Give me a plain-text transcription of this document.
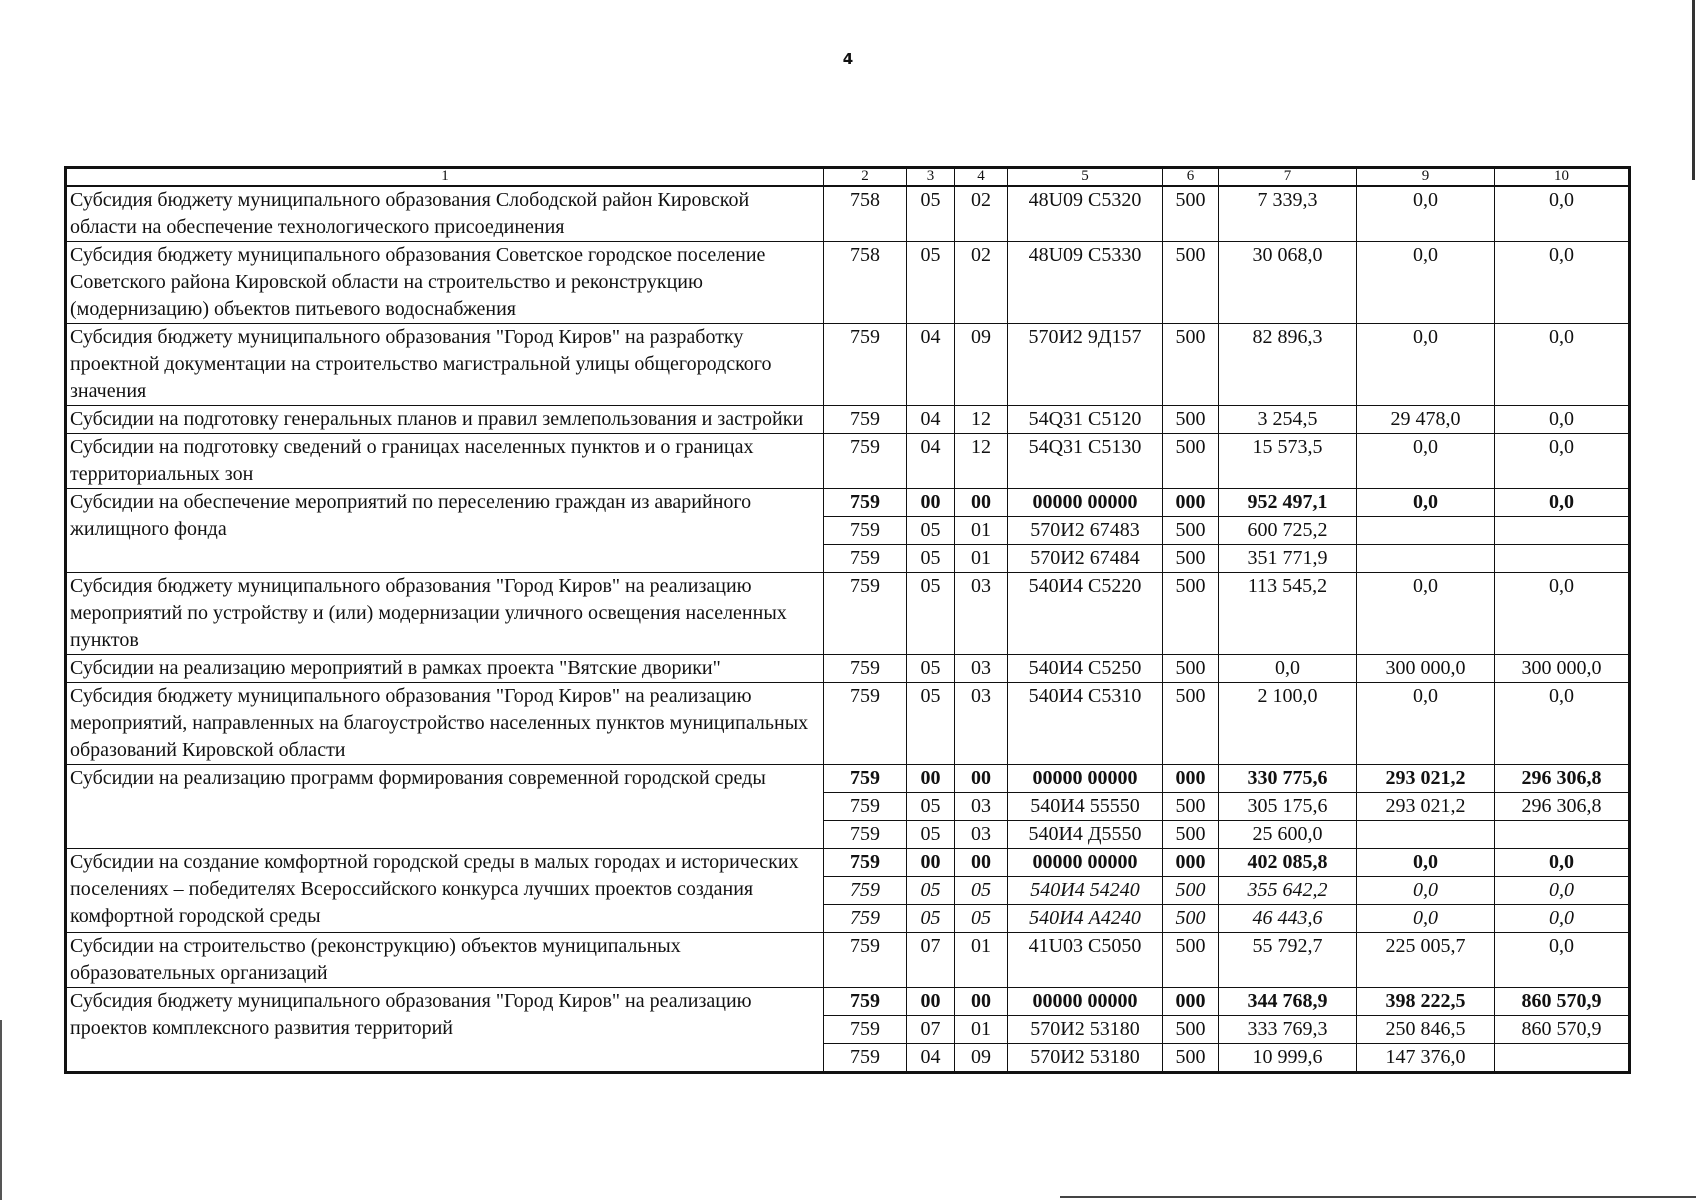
4
1	2	3	4	5	6	7	9	10
Субсидия бюджету муниципального образования Слободской район Кировской области на обеспечение технологического присоединения	758	05	02	48U09 С5320	500	7 339,3	0,0	0,0
Субсидия бюджету муниципального образования Советское городское поселение Советского района Кировской области на строительство и реконструкцию (модернизацию) объектов питьевого водоснабжения	758	05	02	48U09 С5330	500	30 068,0	0,0	0,0
Субсидия бюджету муниципального образования "Город Киров" на разработку проектной документации на строительство магистральной улицы общегородского значения	759	04	09	570И2 9Д157	500	82 896,3	0,0	0,0
Субсидии на подготовку генеральных планов и правил землепользования и застройки	759	04	12	54Q31 С5120	500	3 254,5	29 478,0	0,0
Субсидии на подготовку сведений о границах населенных пунктов и о границах территориальных зон	759	04	12	54Q31 С5130	500	15 573,5	0,0	0,0
Субсидии на обеспечение мероприятий по переселению граждан из аварийного жилищного фонда	759	00	00	00000 00000	000	952 497,1	0,0	0,0
	759	05	01	570И2 67483	500	600 725,2		
	759	05	01	570И2 67484	500	351 771,9		
Субсидия бюджету муниципального образования "Город Киров" на реализацию мероприятий по устройству и (или) модернизации уличного освещения населенных пунктов	759	05	03	540И4 С5220	500	113 545,2	0,0	0,0
Субсидии на реализацию мероприятий в рамках проекта "Вятские дворики"	759	05	03	540И4 С5250	500	0,0	300 000,0	300 000,0
Субсидия бюджету муниципального образования "Город Киров" на реализацию мероприятий, направленных на благоустройство населенных пунктов муниципальных образований Кировской области	759	05	03	540И4 С5310	500	2 100,0	0,0	0,0
Субсидии на реализацию программ формирования современной городской среды	759	00	00	00000 00000	000	330 775,6	293 021,2	296 306,8
	759	05	03	540И4 55550	500	305 175,6	293 021,2	296 306,8
	759	05	03	540И4 Д5550	500	25 600,0		
Субсидии на создание комфортной городской среды в малых городах и исторических поселениях – победителях Всероссийского конкурса лучших проектов создания комфортной городской среды	759	00	00	00000 00000	000	402 085,8	0,0	0,0
	759	05	05	540И4 54240	500	355 642,2	0,0	0,0
	759	05	05	540И4 А4240	500	46 443,6	0,0	0,0
Субсидии на строительство (реконструкцию) объектов муниципальных образовательных организаций	759	07	01	41U03 С5050	500	55 792,7	225 005,7	0,0
Субсидия бюджету муниципального образования "Город Киров" на реализацию проектов комплексного развития территорий	759	00	00	00000 00000	000	344 768,9	398 222,5	860 570,9
	759	07	01	570И2 53180	500	333 769,3	250 846,5	860 570,9
	759	04	09	570И2 53180	500	10 999,6	147 376,0	
